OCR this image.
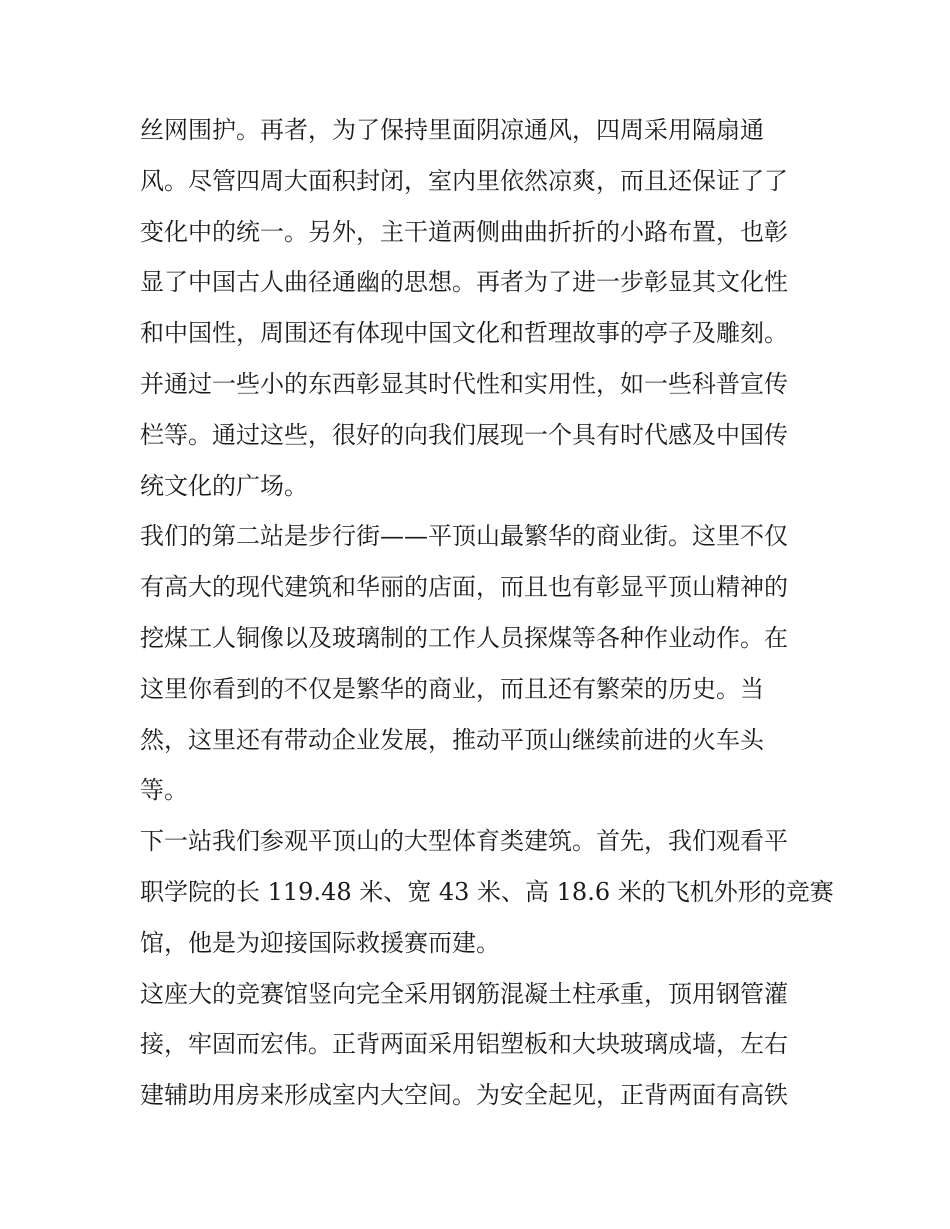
丝网围护。再者，为了保持里面阴凉通风，四周采用隔扇通
风。尽管四周大面积封闭，室内里依然凉爽，而且还保证了了
变化中的统一。另外，主干道两侧曲曲折折的小路布置，也彰
显了中国古人曲径通幽的思想。再者为了进一步彰显其文化性
和中国性，周围还有体现中国文化和哲理故事的亭子及雕刻。
并通过一些小的东西彰显其时代性和实用性，如一些科普宣传
栏等。通过这些，很好的向我们展现一个具有时代感及中国传
统文化的广场。
我们的第二站是步行街——平顶山最繁华的商业街。这里不仅
有高大的现代建筑和华丽的店面，而且也有彰显平顶山精神的
挖煤工人铜像以及玻璃制的工作人员探煤等各种作业动作。在
这里你看到的不仅是繁华的商业，而且还有繁荣的历史。当
然，这里还有带动企业发展，推动平顶山继续前进的火车头
等。
下一站我们参观平顶山的大型体育类建筑。首先，我们观看平
职学院的长 119.48 米、宽 43 米、高 18.6 米的飞机外形的竞赛
馆，他是为迎接国际救援赛而建。
这座大的竞赛馆竖向完全采用钢筋混凝土柱承重，顶用钢管灌
接，牢固而宏伟。正背两面采用铝塑板和大块玻璃成墙，左右
建辅助用房来形成室内大空间。为安全起见，正背两面有高铁
